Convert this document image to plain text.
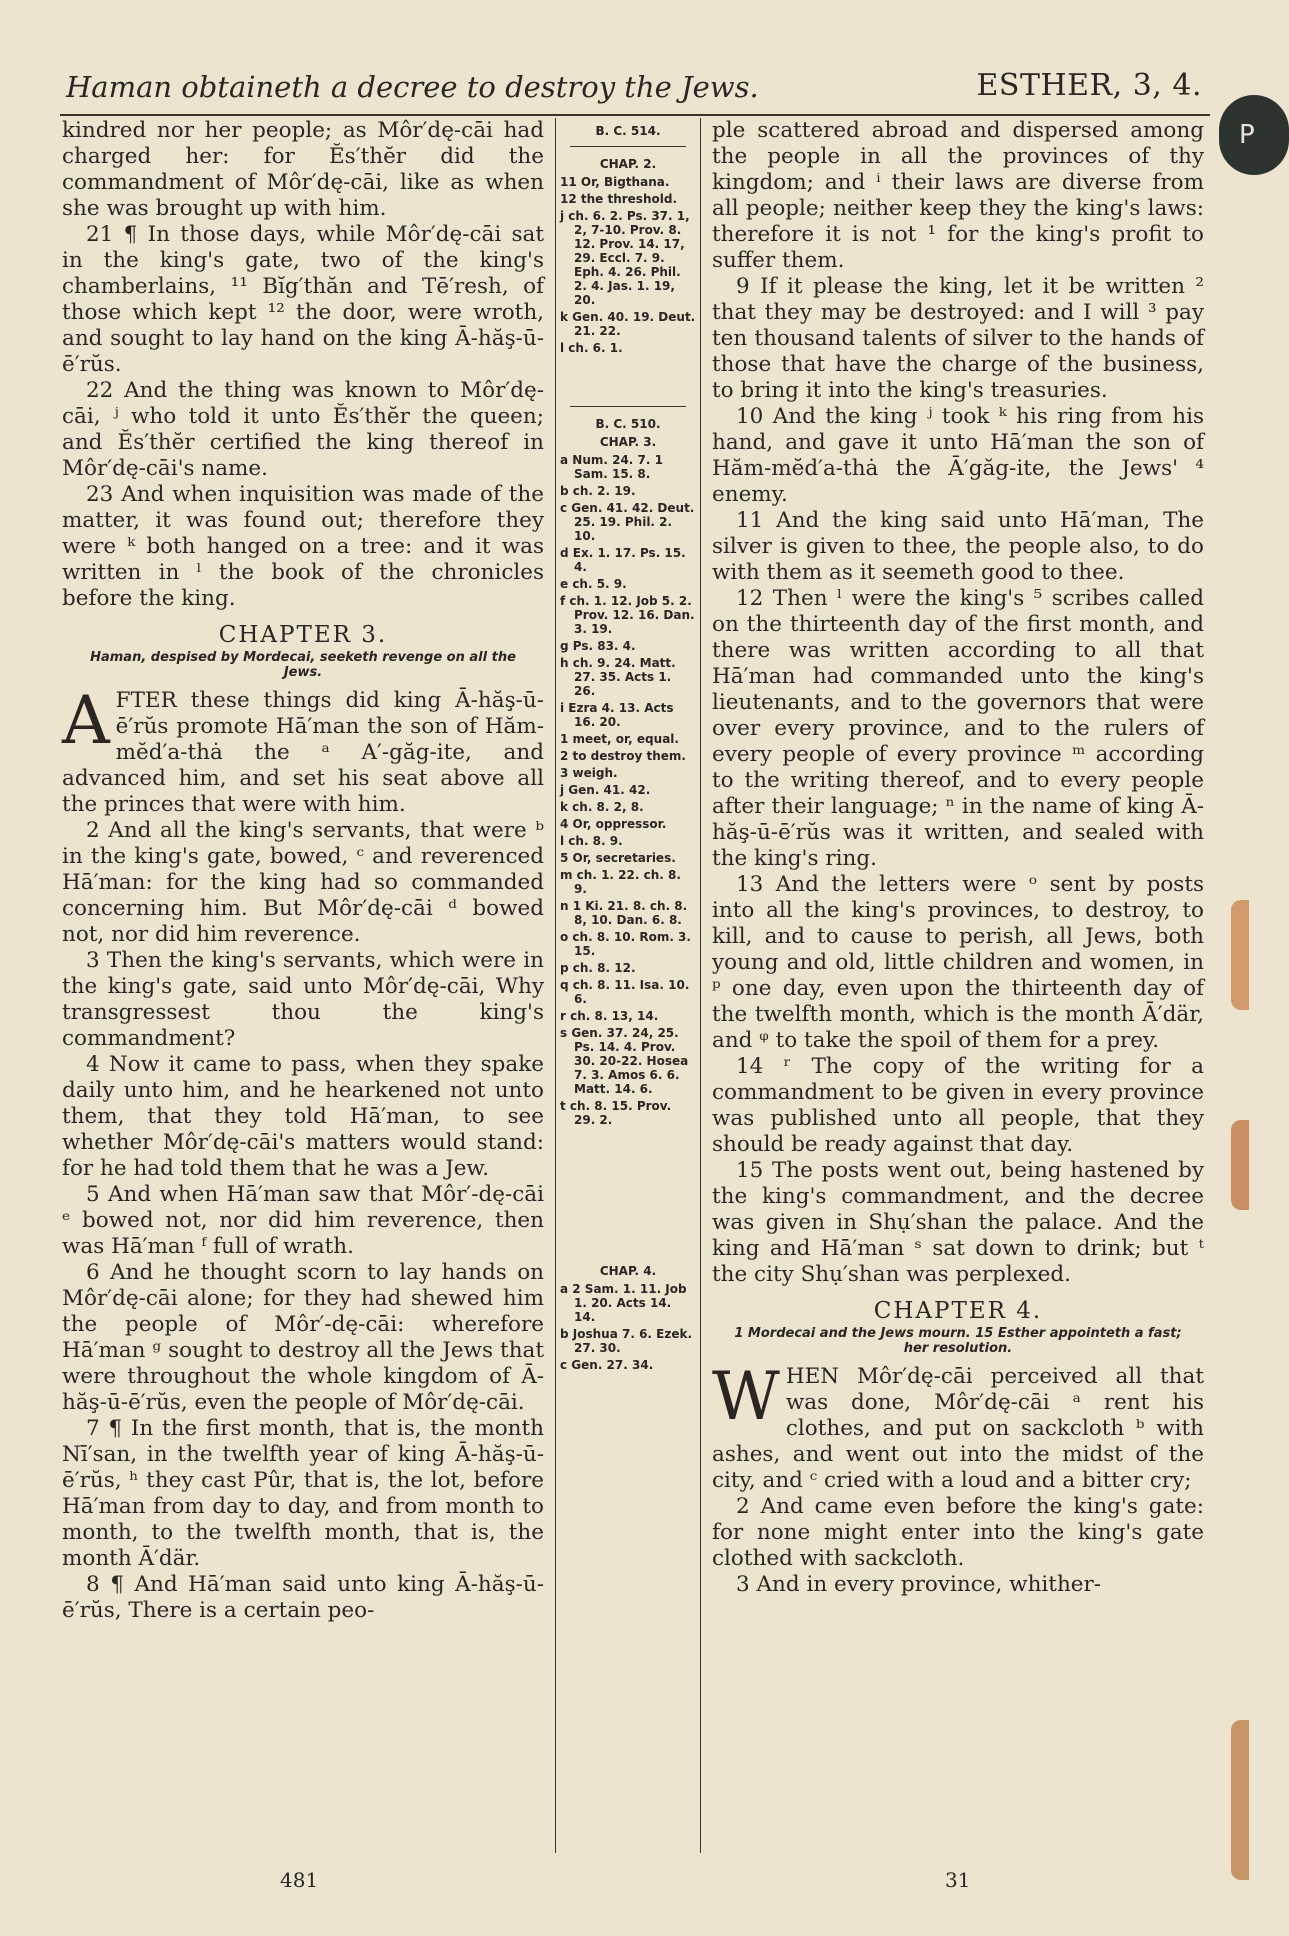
Haman obtaineth a decree to destroy the Jews.	ESTHER, 3, 4.
P

kindred nor her people; as Môr′dę-cāi had charged her: for Ĕs′thĕr did the commandment of Môr′dę-cāi, like as when she was brought up with him.

21 ¶ In those days, while Môr′dę-cāi sat in the king's gate, two of the king's chamberlains, ¹¹ Bĭg′thăn and Tē′resh, of those which kept ¹² the door, were wroth, and sought to lay hand on the king Ā-hăş-ū-ē′rŭs.

22 And the thing was known to Môr′dę-cāi, ʲ who told it unto Ĕs′thĕr the queen; and Ĕs′thĕr certified the king thereof in Môr′dę-cāi's name.

23 And when inquisition was made of the matter, it was found out; therefore they were ᵏ both hanged on a tree: and it was written in ˡ the book of the chronicles before the king.

CHAPTER 3.
Haman, despised by Mordecai, seeketh revenge on all the Jews.

AFTER these things did king Ā-hăş-ū-ē′rŭs promote Hā′man the son of Hăm-mĕd′a-thȧ the ᵃ A′-găg-ite, and advanced him, and set his seat above all the princes that were with him.

2 And all the king's servants, that were ᵇ in the king's gate, bowed, ᶜ and reverenced Hā′man: for the king had so commanded concerning him. But Môr′dę-cāi ᵈ bowed not, nor did him reverence.

3 Then the king's servants, which were in the king's gate, said unto Môr′dę-cāi, Why transgressest thou the king's commandment?

4 Now it came to pass, when they spake daily unto him, and he hearkened not unto them, that they told Hā′man, to see whether Môr′dę-cāi's matters would stand: for he had told them that he was a Jew.

5 And when Hā′man saw that Môr′-dę-cāi ᵉ bowed not, nor did him reverence, then was Hā′man ᶠ full of wrath.

6 And he thought scorn to lay hands on Môr′dę-cāi alone; for they had shewed him the people of Môr′-dę-cāi: wherefore Hā′man ᵍ sought to destroy all the Jews that were throughout the whole kingdom of Ā-hăş-ū-ē′rŭs, even the people of Môr′dę-cāi.

7 ¶ In the first month, that is, the month Nī′san, in the twelfth year of king Ā-hăş-ū-ē′rŭs, ʰ they cast Pûr, that is, the lot, before Hā′man from day to day, and from month to month, to the twelfth month, that is, the month Ā′där.

8 ¶ And Hā′man said unto king Ā-hăş-ū-ē′rŭs, There is a certain peo-

B. C. 514.
CHAP. 2.
11 Or, Bigthana.
12 the threshold.
j ch. 6. 2. Ps. 37. 1, 2, 7-10. Prov. 8. 12. Prov. 14. 17, 29. Eccl. 7. 9. Eph. 4. 26. Phil. 2. 4. Jas. 1. 19, 20.
k Gen. 40. 19. Deut. 21. 22.
l ch. 6. 1.
B. C. 510.
CHAP. 3.
a Num. 24. 7. 1 Sam. 15. 8.
b ch. 2. 19.
c Gen. 41. 42. Deut. 25. 19. Phil. 2. 10.
d Ex. 1. 17. Ps. 15. 4.
e ch. 5. 9.
f ch. 1. 12. Job 5. 2. Prov. 12. 16. Dan. 3. 19.
g Ps. 83. 4.
h ch. 9. 24. Matt. 27. 35. Acts 1. 26.
i Ezra 4. 13. Acts 16. 20.
1 meet, or, equal.
2 to destroy them.
3 weigh.
j Gen. 41. 42.
k ch. 8. 2, 8.
4 Or, oppressor.
l ch. 8. 9.
5 Or, secretaries.
m ch. 1. 22. ch. 8. 9.
n 1 Ki. 21. 8. ch. 8. 8, 10. Dan. 6. 8.
o ch. 8. 10. Rom. 3. 15.
p ch. 8. 12.
q ch. 8. 11. Isa. 10. 6.
r ch. 8. 13, 14.
s Gen. 37. 24, 25. Ps. 14. 4. Prov. 30. 20-22. Hosea 7. 3. Amos 6. 6. Matt. 14. 6.
t ch. 8. 15. Prov. 29. 2.
CHAP. 4.
a 2 Sam. 1. 11. Job 1. 20. Acts 14. 14.
b Joshua 7. 6. Ezek. 27. 30.
c Gen. 27. 34.

ple scattered abroad and dispersed among the people in all the provinces of thy kingdom; and ⁱ their laws are diverse from all people; neither keep they the king's laws: therefore it is not ¹ for the king's profit to suffer them.

9 If it please the king, let it be written ² that they may be destroyed: and I will ³ pay ten thousand talents of silver to the hands of those that have the charge of the business, to bring it into the king's treasuries.

10 And the king ʲ took ᵏ his ring from his hand, and gave it unto Hā′man the son of Hăm-mĕd′a-thȧ the Ā′găg-ite, the Jews' ⁴ enemy.

11 And the king said unto Hā′man, The silver is given to thee, the people also, to do with them as it seemeth good to thee.

12 Then ˡ were the king's ⁵ scribes called on the thirteenth day of the first month, and there was written according to all that Hā′man had commanded unto the king's lieutenants, and to the governors that were over every province, and to the rulers of every people of every province ᵐ according to the writing thereof, and to every people after their language; ⁿ in the name of king Ā-hăş-ū-ē′rŭs was it written, and sealed with the king's ring.

13 And the letters were ᵒ sent by posts into all the king's provinces, to destroy, to kill, and to cause to perish, all Jews, both young and old, little children and women, in ᵖ one day, even upon the thirteenth day of the twelfth month, which is the month Ā′där, and ᵠ to take the spoil of them for a prey.

14 ʳ The copy of the writing for a commandment to be given in every province was published unto all people, that they should be ready against that day.

15 The posts went out, being hastened by the king's commandment, and the decree was given in Shụ′shan the palace. And the king and Hā′man ˢ sat down to drink; but ᵗ the city Shụ′shan was perplexed.

CHAPTER 4.
1 Mordecai and the Jews mourn. 15 Esther appointeth a fast; her resolution.

WHEN Môr′dę-cāi perceived all that was done, Môr′dę-cāi ᵃ rent his clothes, and put on sackcloth ᵇ with ashes, and went out into the midst of the city, and ᶜ cried with a loud and a bitter cry;

2 And came even before the king's gate: for none might enter into the king's gate clothed with sackcloth.

3 And in every province, whither-

481	31
